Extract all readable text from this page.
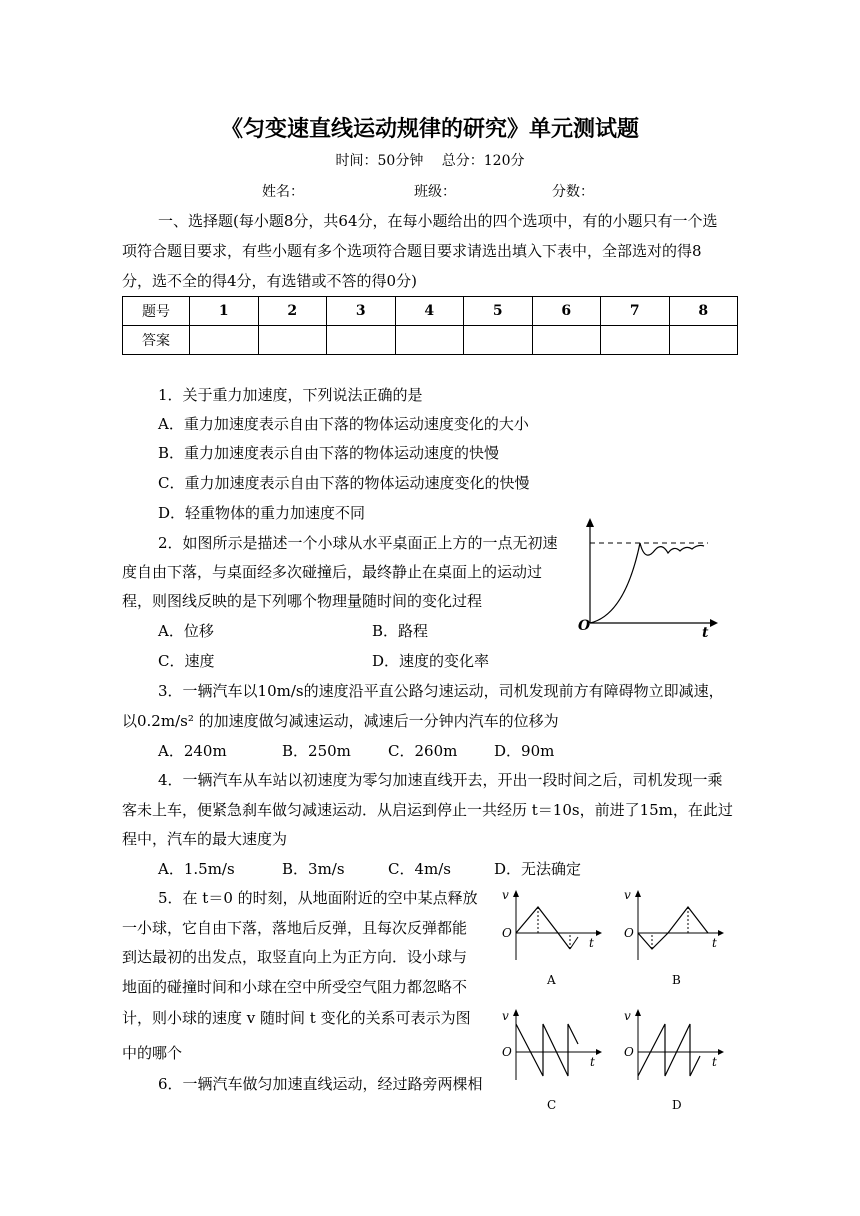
《匀变速直线运动规律的研究》单元测试题
时间：50分钟　 总分：120分
姓名：	班级：	分数：
一、选择题(每小题8分，共64分，在每小题给出的四个选项中，有的小题只有一个选
项符合题目要求，有些小题有多个选项符合题目要求请选出填入下表中，全部选对的得8
分，选不全的得4分，有选错或不答的得0分)
题号	1	2	3	4	5	6	7	8
答案								
1．关于重力加速度，下列说法正确的是
A．重力加速度表示自由下落的物体运动速度变化的大小
B．重力加速度表示自由下落的物体运动速度的快慢
C．重力加速度表示自由下落的物体运动速度变化的快慢
D．轻重物体的重力加速度不同
2．如图所示是描述一个小球从水平桌面正上方的一点无初速
度自由下落，与桌面经多次碰撞后，最终静止在桌面上的运动过
程，则图线反映的是下列哪个物理量随时间的变化过程
A．位移	B．路程
C．速度	D．速度的变化率
O	t
3．一辆汽车以10m/s的速度沿平直公路匀速运动，司机发现前方有障碍物立即减速，
以0.2m/s² 的加速度做匀减速运动，减速后一分钟内汽车的位移为
A．240m	B．250m C．260m D．90m
4．一辆汽车从车站以初速度为零匀加速直线开去，开出一段时间之后，司机发现一乘
客未上车，便紧急刹车做匀减速运动．从启运到停止一共经历 t＝10s，前进了15m，在此过
程中，汽车的最大速度为
A．1.5m/s	B．3m/s	C．4m/s	D．无法确定
5．在 t＝0 的时刻，从地面附近的空中某点释放
一小球，它自由下落，落地后反弹，且每次反弹都能
到达最初的出发点，取竖直向上为正方向．设小球与
地面的碰撞时间和小球在空中所受空气阻力都忽略不
计，则小球的速度 v 随时间 t 变化的关系可表示为图
中的哪个
v
O
t
A
v
O
t
B
v
O
t
C
v
O
t
D
6．一辆汽车做匀加速直线运动，经过路旁两棵相
